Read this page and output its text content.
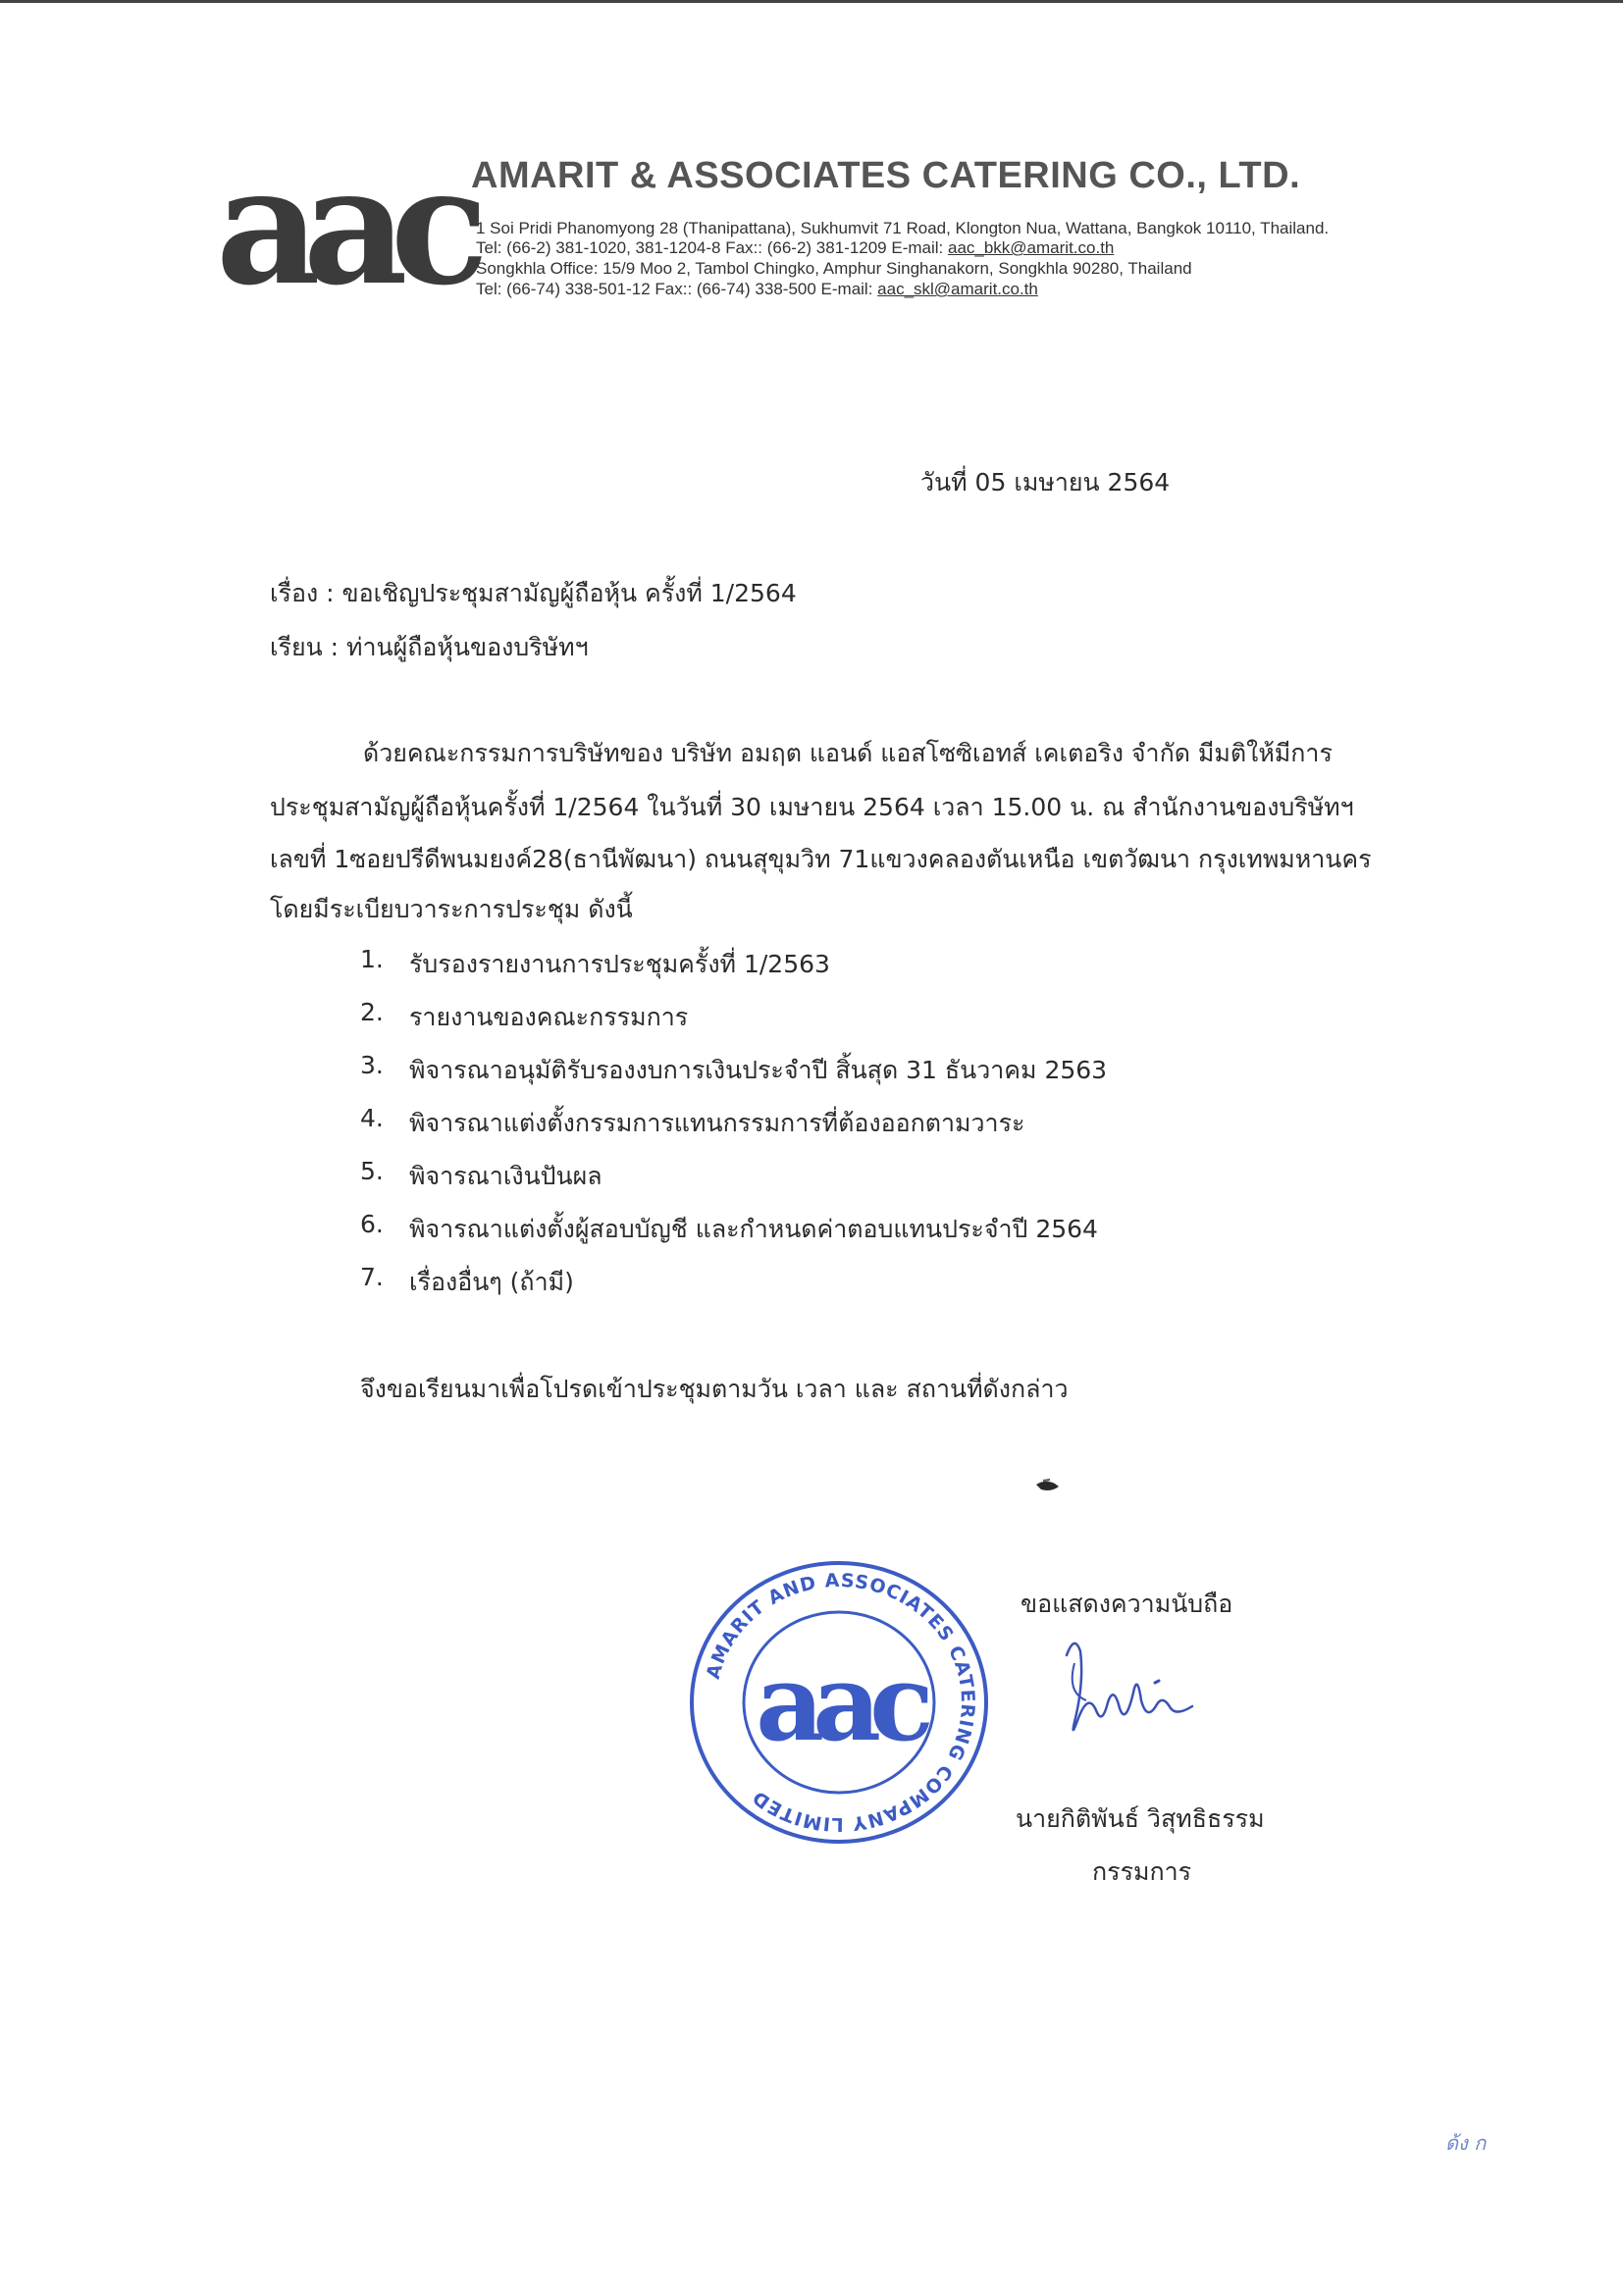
aac AMARIT & ASSOCIATES CATERING CO., LTD.
1 Soi Pridi Phanomyong 28 (Thanipattana), Sukhumvit 71 Road, Klongton Nua, Wattana, Bangkok 10110, Thailand.
Tel: (66-2) 381-1020, 381-1204-8 Fax:: (66-2) 381-1209 E-mail: aac_bkk@amarit.co.th
Songkhla Office: 15/9 Moo 2, Tambol Chingko, Amphur Singhanakorn, Songkhla 90280, Thailand
Tel: (66-74) 338-501-12 Fax:: (66-74) 338-500 E-mail: aac_skl@amarit.co.th
วันที่ 05 เมษายน 2564
เรื่อง : ขอเชิญประชุมสามัญผู้ถือหุ้น ครั้งที่ 1/2564
เรียน : ท่านผู้ถือหุ้นของบริษัทฯ
ด้วยคณะกรรมการบริษัทของ บริษัท อมฤต แอนด์ แอสโซซิเอทส์ เคเตอริง จำกัด มีมติให้มีการ
ประชุมสามัญผู้ถือหุ้นครั้งที่ 1/2564 ในวันที่ 30 เมษายน 2564 เวลา 15.00 น. ณ สำนักงานของบริษัทฯ
เลขที่ 1ซอยปรีดีพนมยงค์28(ธานีพัฒนา) ถนนสุขุมวิท 71แขวงคลองตันเหนือ เขตวัฒนา กรุงเทพมหานคร
โดยมีระเบียบวาระการประชุม ดังนี้
1.	รับรองรายงานการประชุมครั้งที่ 1/2563
2.	รายงานของคณะกรรมการ
3.	พิจารณาอนุมัติรับรองงบการเงินประจำปี สิ้นสุด 31 ธันวาคม 2563
4.	พิจารณาแต่งตั้งกรรมการแทนกรรมการที่ต้องออกตามวาระ
5.	พิจารณาเงินปันผล
6.	พิจารณาแต่งตั้งผู้สอบบัญชี และกำหนดค่าตอบแทนประจำปี 2564
7.	เรื่องอื่นๆ (ถ้ามี)
จึงขอเรียนมาเพื่อโปรดเข้าประชุมตามวัน เวลา และ สถานที่ดังกล่าว
AMARIT AND ASSOCIATES CATERING COMPANY LIMITED
aac
ขอแสดงความนับถือ
นายกิติพันธ์ วิสุทธิธรรม
กรรมการ
ด้ง ก
